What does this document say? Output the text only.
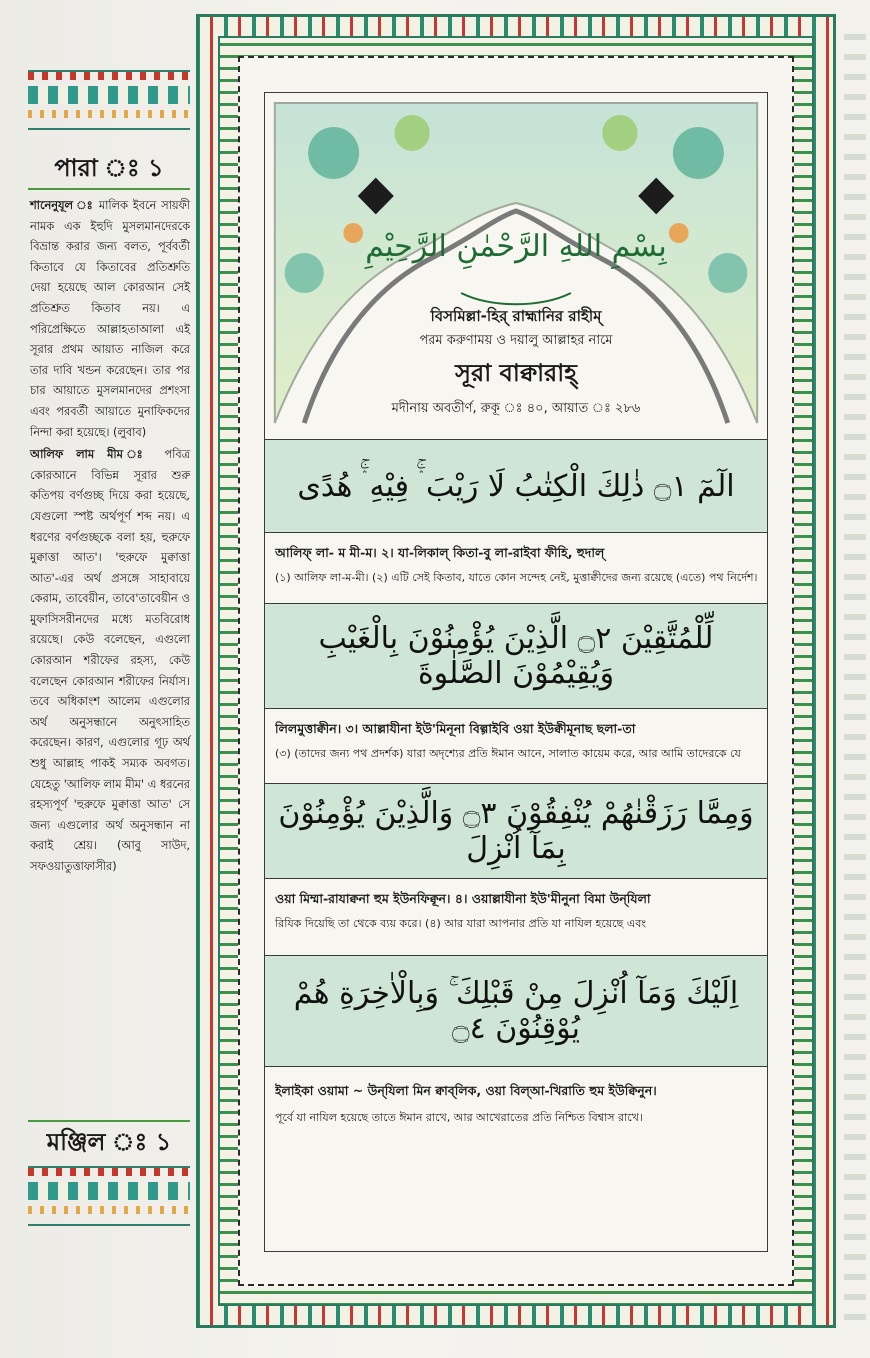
পারা ঃ ১

শানেনুযূল ঃ মালিক ইবনে সায়ফী নামক এক ইহুদি মুসলমানদেরকে বিভ্রান্ত করার জন্য বলত, পূর্ববর্তী কিতাবে যে কিতাবের প্রতিশ্রুতি দেয়া হয়েছে আল কোরআন সেই প্রতিশ্রুত কিতাব নয়। এ পরিপ্রেক্ষিতে আল্লাহতাআলা এই সূরার প্রথম আয়াত নাজিল করে তার দাবি খন্ডন করেছেন। তার পর চার আয়াতে মুসলমানদের প্রশংসা এবং পরবর্তী আয়াতে মুনাফিকদের নিন্দা করা হয়েছে। (লুবাব)

আলিফ লাম মীম ঃ পবিত্র কোরআনে বিভিন্ন সূরার শুরু কতিপয় বর্ণগুচ্ছ দিয়ে করা হয়েছে, যেগুলো স্পষ্ট অর্থপূর্ণ শব্দ নয়। এ ধরণের বর্ণগুচ্ছকে বলা হয়, হুরুফে মুক্বাত্তা আত'। 'হুরুফে মুক্বাত্তা আত'-এর অর্থ প্রসঙ্গে সাহাবায়ে কেরাম, তাবেয়ীন, তাবে'তাবেয়ীন ও মুফাসিসরীনদের মধ্যে মতবিরোধ রয়েছে। কেউ বলেছেন, এগুলো কোরআন শরীফের রহস্য, কেউ বলেছেন কোরআন শরীফের নির্যাস। তবে অধিকাংশ আলেম এগুলোর অর্থ অনুসন্ধানে অনুৎসাহিত করেছেন। কারণ, এগুলোর গূঢ় অর্থ শুধু আল্লাহ পাকই সম্যক অবগত। যেহেতু 'আলিফ লাম মীম' এ ধরনের রহস্যপূর্ণ 'হুরুফে মুক্বাত্তা আত' সে জন্য এগুলোর অর্থ অনুসন্ধান না করাই শ্রেয়। (আবু সাউদ, সফওয়াতুত্তাফাসীর)

মঞ্জিল ঃ ১
بِسْمِ اللهِ الرَّحْمٰنِ الرَّحِيْمِ
বিসমিল্লা-হির্ রাহ্মানির রাহীম্
পরম করুণাময় ও দয়ালু আল্লাহর নামে
সূরা বাক্বারাহ্
মদীনায় অবতীর্ণ, রুকূ ঃ ৪০, আয়াত ঃ ২৮৬
الٓمٓ ۝١ ذٰلِكَ الْكِتٰبُ لَا رَيْبَ ۛۚ فِيْهِ ۛۚ هُدًى
আলিফ্ লা- ম মী-ম। ২। যা-লিকাল্ কিতা-বু লা-রাইবা ফীহি, হুদাল্
(১) আলিফ লা-ম-মী। (২) এটি সেই কিতাব, যাতে কোন সন্দেহ নেই, মুত্তাক্বীদের জন্য রয়েছে (এতে) পথ নির্দেশ।
لِّلْمُتَّقِيْنَ ۝٢ الَّذِيْنَ يُؤْمِنُوْنَ بِالْغَيْبِ وَيُقِيْمُوْنَ الصَّلٰوةَ
লিলমুত্তাক্বীন। ৩। আল্লাযীনা ইউ'মিনূনা বিল্গাইবি ওয়া ইউক্বীমূনাছ ছলা-তা
(৩) (তাদের জন্য পথ প্রদর্শক) যারা অদৃশ্যের প্রতি ঈমান আনে, সালাত কায়েম করে, আর আমি তাদেরকে যে
وَمِمَّا رَزَقْنٰهُمْ يُنْفِقُوْنَ ۝٣ وَالَّذِيْنَ يُؤْمِنُوْنَ بِمَآ اُنْزِلَ
ওয়া মিম্মা-রাযাক্বনা হুম ইউনফিক্বূন। ৪। ওয়াল্লাযীনা ইউ'মীনুনা বিমা উন্‌যিলা
রিযিক দিয়েছি তা থেকে ব্যয় করে। (৪) আর যারা আপনার প্রতি যা নাযিল হয়েছে এবং
اِلَيْكَ وَمَآ اُنْزِلَ مِنْ قَبْلِكَ ۚ وَبِالْاٰخِرَةِ هُمْ يُوْقِنُوْنَ ۝٤
ইলাইকা ওয়ামা ~ উন্‌যিলা মিন ক্বাব্‌লিক, ওয়া বিল্আ-খিরাতি হুম ইউক্বিনুন।
পূর্বে যা নাযিল হয়েছে তাতে ঈমান রাখে, আর আখেরাতের প্রতি নিশ্চিত বিশ্বাস রাখে।
